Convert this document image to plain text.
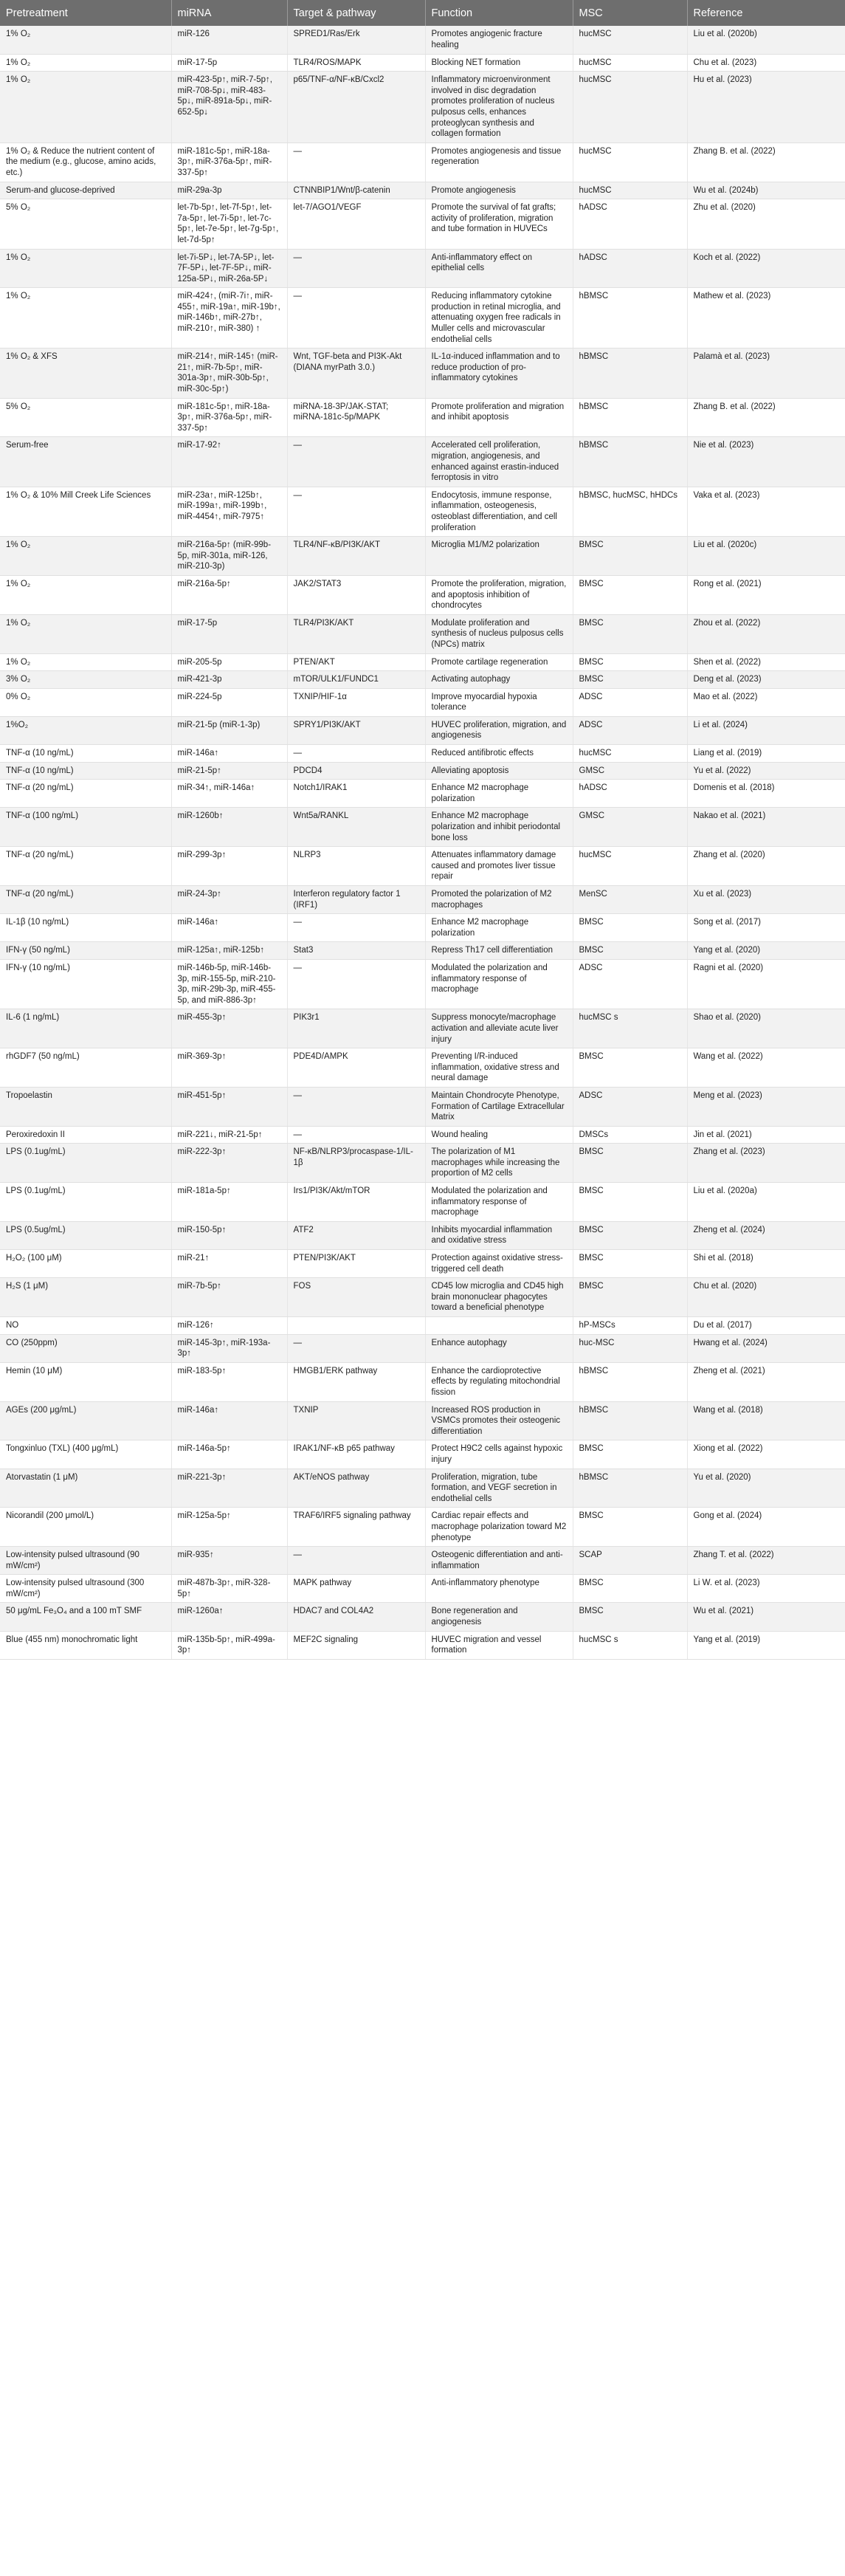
Pretreatment	miRNA	Target & pathway	Function	MSC	Reference
1% O₂	miR-126	SPRED1/Ras/Erk	Promotes angiogenic fracture healing	hucMSC	Liu et al. (2020b)
1% O₂	miR-17-5p	TLR4/ROS/MAPK	Blocking NET formation	hucMSC	Chu et al. (2023)
1% O₂	miR-423-5p↑, miR-7-5p↑, miR-708-5p↓, miR-483-5p↓, miR-891a-5p↓, miR-652-5p↓	p65/TNF-α/NF-κB/Cxcl2	Inflammatory microenvironment involved in disc degradation promotes proliferation of nucleus pulposus cells, enhances proteoglycan synthesis and collagen formation	hucMSC	Hu et al. (2023)
1% O₂ & Reduce the nutrient content of the medium (e.g., glucose, amino acids, etc.)	miR-181c-5p↑, miR-18a-3p↑, miR-376a-5p↑, miR-337-5p↑	—	Promotes angiogenesis and tissue regeneration	hucMSC	Zhang B. et al. (2022)
Serum-and glucose-deprived	miR-29a-3p	CTNNBIP1/Wnt/β-catenin	Promote angiogenesis	hucMSC	Wu et al. (2024b)
5% O₂	let-7b-5p↑, let-7f-5p↑, let-7a-5p↑, let-7i-5p↑, let-7c-5p↑, let-7e-5p↑, let-7g-5p↑, let-7d-5p↑	let-7/AGO1/VEGF	Promote the survival of fat grafts; activity of proliferation, migration and tube formation in HUVECs	hADSC	Zhu et al. (2020)
1% O₂	let-7i-5P↓, let-7A-5P↓, let-7F-5P↓, let-7F-5P↓, miR-125a-5P↓, miR-26a-5P↓	—	Anti-inflammatory effect on epithelial cells	hADSC	Koch et al. (2022)
1% O₂	miR-424↑, (miR-7i↑, miR-455↑, miR-19a↑, miR-19b↑, miR-146b↑, miR-27b↑, miR-210↑, miR-380) ↑	—	Reducing inflammatory cytokine production in retinal microglia, and attenuating oxygen free radicals in Muller cells and microvascular endothelial cells	hBMSC	Mathew et al. (2023)
1% O₂ & XFS	miR-214↑, miR-145↑ (miR-21↑, miR-7b-5p↑, miR-301a-3p↑, miR-30b-5p↑, miR-30c-5p↑)	Wnt, TGF-beta and PI3K-Akt (DIANA myrPath 3.0.)	IL-1α-induced inflammation and to reduce production of pro-inflammatory cytokines	hBMSC	Palamà et al. (2023)
5% O₂	miR-181c-5p↑, miR-18a-3p↑, miR-376a-5p↑, miR-337-5p↑	miRNA-18-3P/JAK-STAT; miRNA-181c-5p/MAPK	Promote proliferation and migration and inhibit apoptosis	hBMSC	Zhang B. et al. (2022)
Serum-free	miR-17-92↑	—	Accelerated cell proliferation, migration, angiogenesis, and enhanced against erastin-induced ferroptosis in vitro	hBMSC	Nie et al. (2023)
1% O₂ & 10% Mill Creek Life Sciences	miR-23a↑, miR-125b↑, miR-199a↑, miR-199b↑, miR-4454↑, miR-7975↑	—	Endocytosis, immune response, inflammation, osteogenesis, osteoblast differentiation, and cell proliferation	hBMSC, hucMSC, hHDCs	Vaka et al. (2023)
1% O₂	miR-216a-5p↑ (miR-99b-5p, miR-301a, miR-126, miR-210-3p)	TLR4/NF-κB/PI3K/AKT	Microglia M1/M2 polarization	BMSC	Liu et al. (2020c)
1% O₂	miR-216a-5p↑	JAK2/STAT3	Promote the proliferation, migration, and apoptosis inhibition of chondrocytes	BMSC	Rong et al. (2021)
1% O₂	miR-17-5p	TLR4/PI3K/AKT	Modulate proliferation and synthesis of nucleus pulposus cells (NPCs) matrix	BMSC	Zhou et al. (2022)
1% O₂	miR-205-5p	PTEN/AKT	Promote cartilage regeneration	BMSC	Shen et al. (2022)
3% O₂	miR-421-3p	mTOR/ULK1/FUNDC1	Activating autophagy	BMSC	Deng et al. (2023)
0% O₂	miR-224-5p	TXNIP/HIF-1α	Improve myocardial hypoxia tolerance	ADSC	Mao et al. (2022)
1%O₂	miR-21-5p (miR-1-3p)	SPRY1/PI3K/AKT	HUVEC proliferation, migration, and angiogenesis	ADSC	Li et al. (2024)
TNF-α (10 ng/mL)	miR-146a↑	—	Reduced antifibrotic effects	hucMSC	Liang et al. (2019)
TNF-α (10 ng/mL)	miR-21-5p↑	PDCD4	Alleviating apoptosis	GMSC	Yu et al. (2022)
TNF-α (20 ng/mL)	miR-34↑, miR-146a↑	Notch1/IRAK1	Enhance M2 macrophage polarization	hADSC	Domenis et al. (2018)
TNF-α (100 ng/mL)	miR-1260b↑	Wnt5a/RANKL	Enhance M2 macrophage polarization and inhibit periodontal bone loss	GMSC	Nakao et al. (2021)
TNF-α (20 ng/mL)	miR-299-3p↑	NLRP3	Attenuates inflammatory damage caused and promotes liver tissue repair	hucMSC	Zhang et al. (2020)
TNF-α (20 ng/mL)	miR-24-3p↑	Interferon regulatory factor 1 (IRF1)	Promoted the polarization of M2 macrophages	MenSC	Xu et al. (2023)
IL-1β (10 ng/mL)	miR-146a↑	—	Enhance M2 macrophage polarization	BMSC	Song et al. (2017)
IFN-γ (50 ng/mL)	miR-125a↑, miR-125b↑	Stat3	Repress Th17 cell differentiation	BMSC	Yang et al. (2020)
IFN-γ (10 ng/mL)	miR-146b-5p, miR-146b-3p, miR-155-5p, miR-210-3p, miR-29b-3p, miR-455-5p, and miR-886-3p↑	—	Modulated the polarization and inflammatory response of macrophage	ADSC	Ragni et al. (2020)
IL-6 (1 ng/mL)	miR-455-3p↑	PIK3r1	Suppress monocyte/macrophage activation and alleviate acute liver injury	hucMSC s	Shao et al. (2020)
rhGDF7 (50 ng/mL)	miR-369-3p↑	PDE4D/AMPK	Preventing I/R-induced inflammation, oxidative stress and neural damage	BMSC	Wang et al. (2022)
Tropoelastin	miR-451-5p↑	—	Maintain Chondrocyte Phenotype, Formation of Cartilage Extracellular Matrix	ADSC	Meng et al. (2023)
Peroxiredoxin II	miR-221↓, miR-21-5p↑	—	Wound healing	DMSCs	Jin et al. (2021)
LPS (0.1ug/mL)	miR-222-3p↑	NF-κB/NLRP3/procaspase-1/IL-1β	The polarization of M1 macrophages while increasing the proportion of M2 cells	BMSC	Zhang et al. (2023)
LPS (0.1ug/mL)	miR-181a-5p↑	Irs1/PI3K/Akt/mTOR	Modulated the polarization and inflammatory response of macrophage	BMSC	Liu et al. (2020a)
LPS (0.5ug/mL)	miR-150-5p↑	ATF2	Inhibits myocardial inflammation and oxidative stress	BMSC	Zheng et al. (2024)
H₂O₂ (100 μM)	miR-21↑	PTEN/PI3K/AKT	Protection against oxidative stress-triggered cell death	BMSC	Shi et al. (2018)
H₂S (1 μM)	miR-7b-5p↑	FOS	CD45 low microglia and CD45 high brain mononuclear phagocytes toward a beneficial phenotype	BMSC	Chu et al. (2020)
NO	miR-126↑			hP-MSCs	Du et al. (2017)
CO (250ppm)	miR-145-3p↑, miR-193a-3p↑	—	Enhance autophagy	huc-MSC	Hwang et al. (2024)
Hemin (10 μM)	miR-183-5p↑	HMGB1/ERK pathway	Enhance the cardioprotective effects by regulating mitochondrial fission	hBMSC	Zheng et al. (2021)
AGEs (200 μg/mL)	miR-146a↑	TXNIP	Increased ROS production in VSMCs promotes their osteogenic differentiation	hBMSC	Wang et al. (2018)
Tongxinluo (TXL) (400 μg/mL)	miR-146a-5p↑	IRAK1/NF-κB p65 pathway	Protect H9C2 cells against hypoxic injury	BMSC	Xiong et al. (2022)
Atorvastatin (1 μM)	miR-221-3p↑	AKT/eNOS pathway	Proliferation, migration, tube formation, and VEGF secretion in endothelial cells	hBMSC	Yu et al. (2020)
Nicorandil (200 μmol/L)	miR-125a-5p↑	TRAF6/IRF5 signaling pathway	Cardiac repair effects and macrophage polarization toward M2 phenotype	BMSC	Gong et al. (2024)
Low-intensity pulsed ultrasound (90 mW/cm²)	miR-935↑	—	Osteogenic differentiation and anti-inflammation	SCAP	Zhang T. et al. (2022)
Low-intensity pulsed ultrasound (300 mW/cm²)	miR-487b-3p↑, miR-328-5p↑	MAPK pathway	Anti-inflammatory phenotype	BMSC	Li W. et al. (2023)
50 μg/mL Fe₃O₄ and a 100 mT SMF	miR-1260a↑	HDAC7 and COL4A2	Bone regeneration and angiogenesis	BMSC	Wu et al. (2021)
Blue (455 nm) monochromatic light	miR-135b-5p↑, miR-499a-3p↑	MEF2C signaling	HUVEC migration and vessel formation	hucMSC s	Yang et al. (2019)
